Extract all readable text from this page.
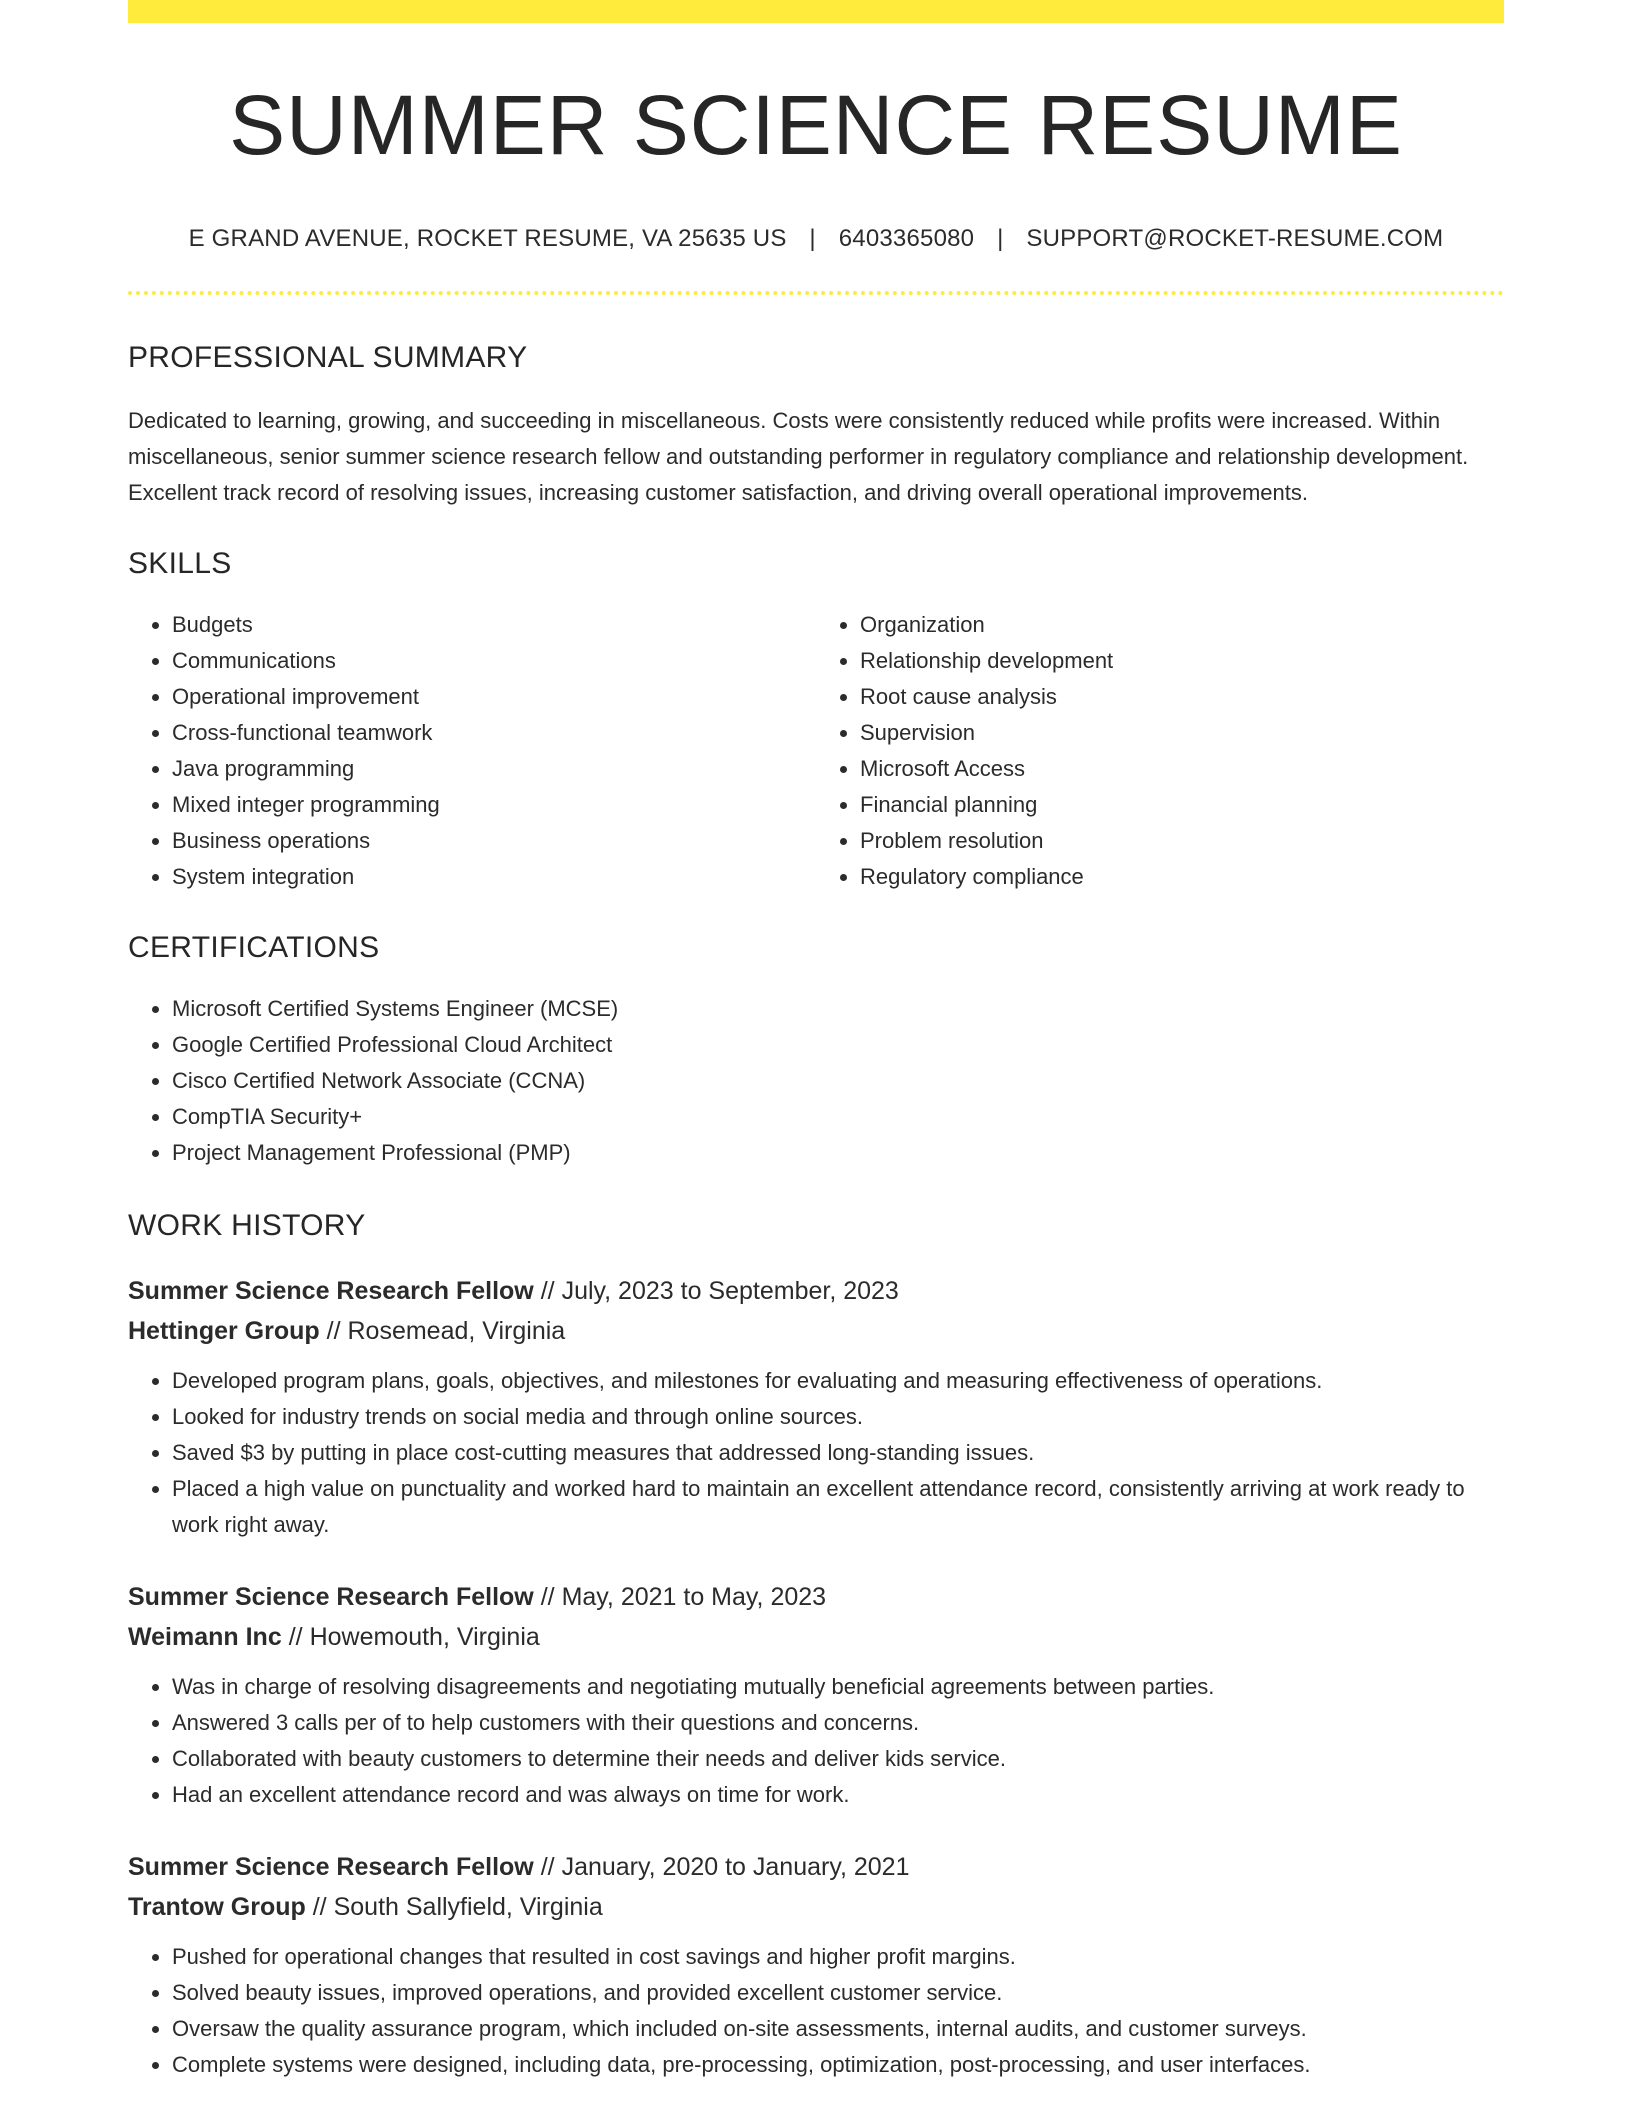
SUMMER SCIENCE RESUME
E GRAND AVENUE, ROCKET RESUME, VA 25635 US | 6403365080 | SUPPORT@ROCKET-RESUME.COM
PROFESSIONAL SUMMARY

Dedicated to learning, growing, and succeeding in miscellaneous. Costs were consistently reduced while profits were increased. Within miscellaneous, senior summer science research fellow and outstanding performer in regulatory compliance and relationship development. Excellent track record of resolving issues, increasing customer satisfaction, and driving overall operational improvements.

SKILLS
• Budgets
• Communications
• Operational improvement
• Cross-functional teamwork
• Java programming
• Mixed integer programming
• Business operations
• System integration
• Organization
• Relationship development
• Root cause analysis
• Supervision
• Microsoft Access
• Financial planning
• Problem resolution
• Regulatory compliance
CERTIFICATIONS
• Microsoft Certified Systems Engineer (MCSE)
• Google Certified Professional Cloud Architect
• Cisco Certified Network Associate (CCNA)
• CompTIA Security+
• Project Management Professional (PMP)
WORK HISTORY
Summer Science Research Fellow // July, 2023 to September, 2023
Hettinger Group // Rosemead, Virginia
• Developed program plans, goals, objectives, and milestones for evaluating and measuring effectiveness of operations.
• Looked for industry trends on social media and through online sources.
• Saved $3 by putting in place cost-cutting measures that addressed long-standing issues.
• Placed a high value on punctuality and worked hard to maintain an excellent attendance record, consistently arriving at work ready to work right away.
Summer Science Research Fellow // May, 2021 to May, 2023
Weimann Inc // Howemouth, Virginia
• Was in charge of resolving disagreements and negotiating mutually beneficial agreements between parties.
• Answered 3 calls per of to help customers with their questions and concerns.
• Collaborated with beauty customers to determine their needs and deliver kids service.
• Had an excellent attendance record and was always on time for work.
Summer Science Research Fellow // January, 2020 to January, 2021
Trantow Group // South Sallyfield, Virginia
• Pushed for operational changes that resulted in cost savings and higher profit margins.
• Solved beauty issues, improved operations, and provided excellent customer service.
• Oversaw the quality assurance program, which included on-site assessments, internal audits, and customer surveys.
• Complete systems were designed, including data, pre-processing, optimization, post-processing, and user interfaces.
